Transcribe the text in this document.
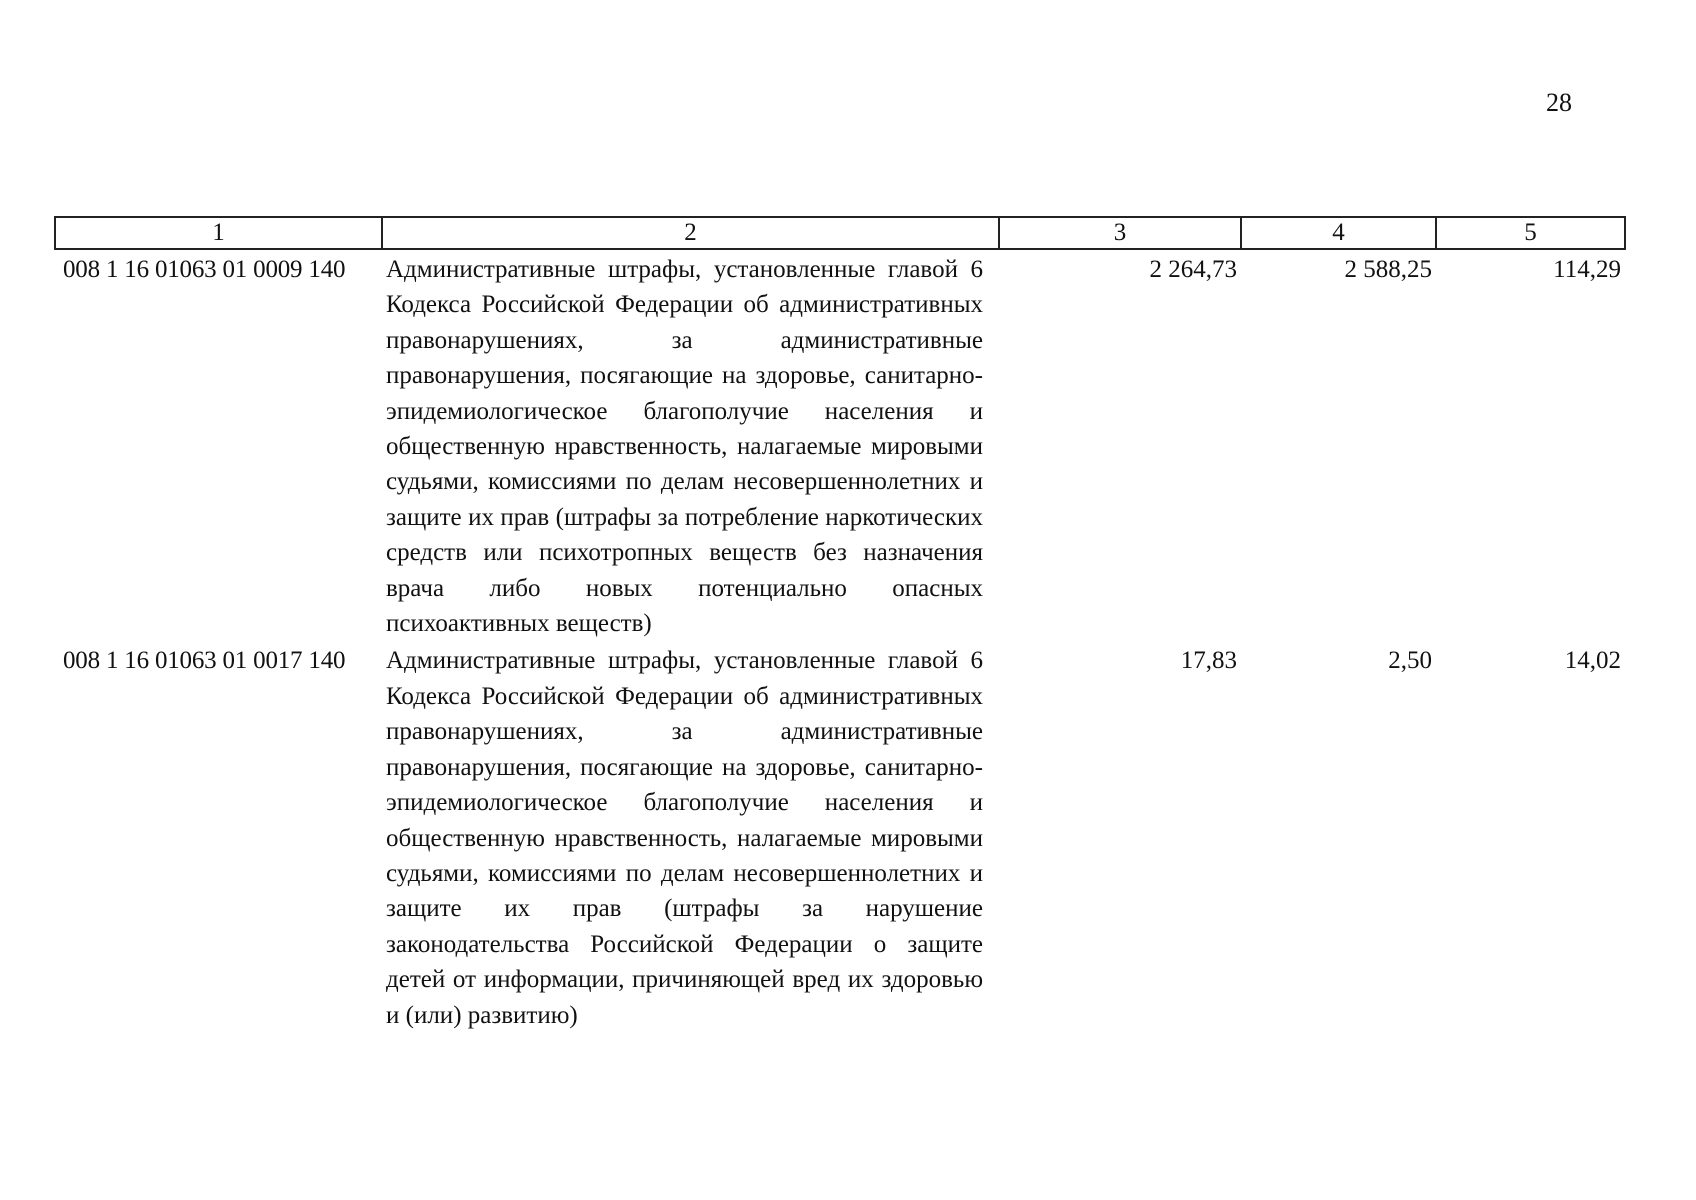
28
1	2	3	4	5
008 1 16 01063 01 0009 140	Административные штрафы, установленные главой 6 Кодекса Российской Федерации об административных правонарушениях, за административные правонарушения, посягающие на здоровье, санитарно-эпидемиологическое благополучие населения и общественную нравственность, налагаемые мировыми судьями, комиссиями по делам несовершеннолетних и защите их прав (штрафы за потребление наркотических средств или психотропных веществ без назначения врача либо новых потенциально опасных психоактивных веществ)	2 264,73	2 588,25	114,29
008 1 16 01063 01 0017 140	Административные штрафы, установленные главой 6 Кодекса Российской Федерации об административных правонарушениях, за административные правонарушения, посягающие на здоровье, санитарно-эпидемиологическое благополучие населения и общественную нравственность, налагаемые мировыми судьями, комиссиями по делам несовершеннолетних и защите их прав (штрафы за нарушение законодательства Российской Федерации о защите детей от информации, причиняющей вред их здоровью и (или) развитию)	17,83	2,50	14,02
